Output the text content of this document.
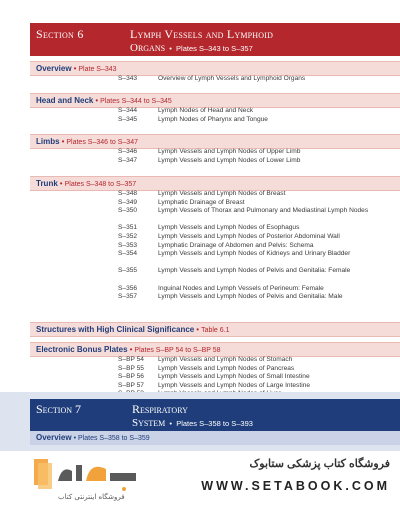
Section 6	Lymph Vessels and Lymphoid
Organs  •  Plates S–343 to S–357
Overview • Plate S–343
S–343	Overview of Lymph Vessels and Lymphoid Organs
Head and Neck • Plates S–344 to S–345
S–344	Lymph Nodes of Head and Neck
S–345	Lymph Nodes of Pharynx and Tongue
Limbs • Plates S–346 to S–347
S–346	Lymph Vessels and Lymph Nodes of Upper Limb
S–347	Lymph Vessels and Lymph Nodes of Lower Limb
Trunk • Plates S–348 to S–357
S–348	Lymph Vessels and Lymph Nodes of Breast
S–349	Lymphatic Drainage of Breast
S–350	Lymph Vessels of Thorax and Pulmonary and Mediastinal Lymph Nodes
S–351	Lymph Vessels and Lymph Nodes of Esophagus
S–352	Lymph Vessels and Lymph Nodes of Posterior Abdominal Wall
S–353	Lymphatic Drainage of Abdomen and Pelvis: Schema
S–354	Lymph Vessels and Lymph Nodes of Kidneys and Urinary Bladder
S–355	Lymph Vessels and Lymph Nodes of Pelvis and Genitalia: Female
S–356	Inguinal Nodes and Lymph Vessels of Perineum: Female
S–357	Lymph Vessels and Lymph Nodes of Pelvis and Genitalia: Male
Structures with High Clinical Significance • Table 6.1
Electronic Bonus Plates • Plates S–BP 54 to S–BP 58
S–BP 54	Lymph Vessels and Lymph Nodes of Stomach
S–BP 55	Lymph Vessels and Lymph Nodes of Pancreas
S–BP 56	Lymph Vessels and Lymph Nodes of Small Intestine
S–BP 57	Lymph Vessels and Lymph Nodes of Large Intestine
Section 7	Respiratory
System  •  Plates S–358 to S–393
Overview • Plates S–358 to S–359
فروشگاه اینترنتی کتاب
فروشگاه کتاب پزشکی ستابوک
WWW.SETABOOK.COM
